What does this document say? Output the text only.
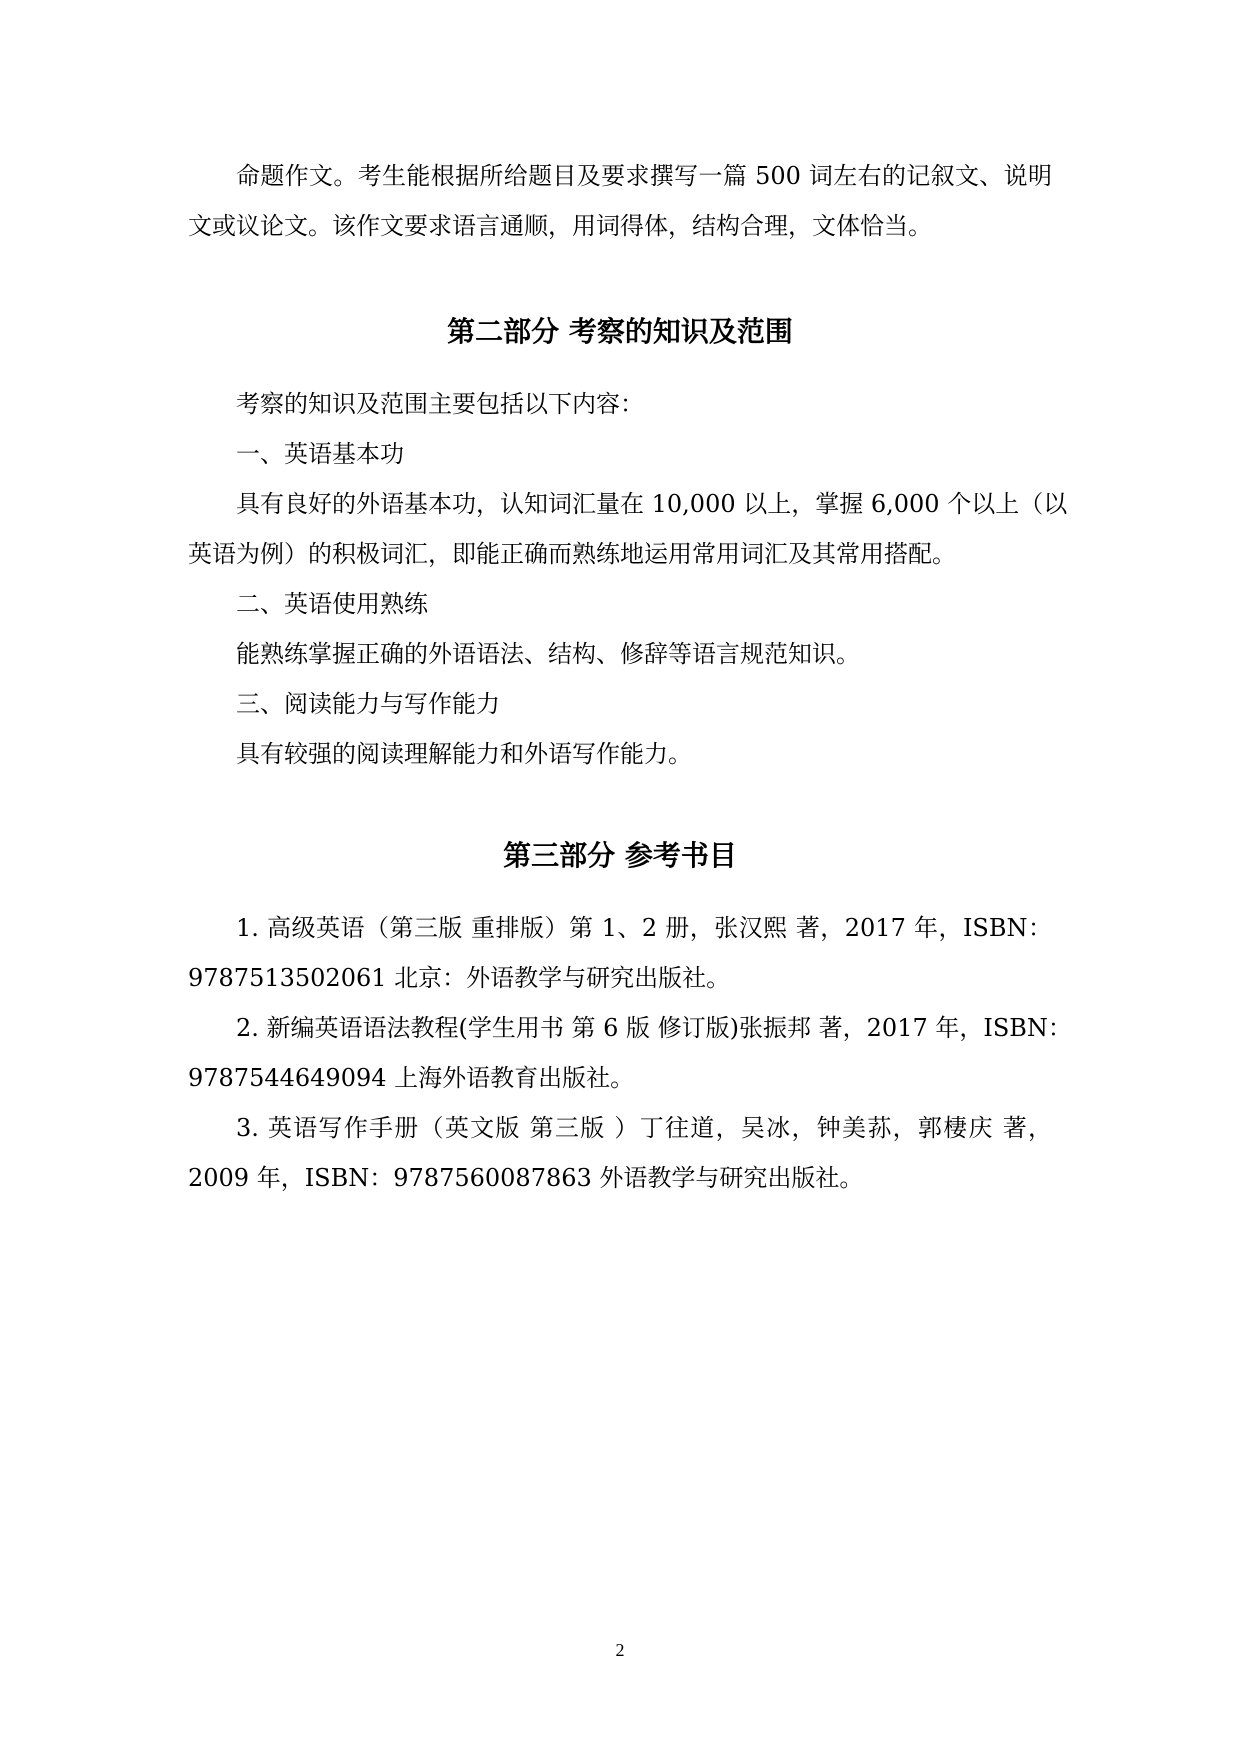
命题作文。考生能根据所给题目及要求撰写一篇 500 词左右的记叙文、说明
文或议论文。该作文要求语言通顺，用词得体，结构合理，文体恰当。
第二部分 考察的知识及范围
考察的知识及范围主要包括以下内容：
一、英语基本功
具有良好的外语基本功，认知词汇量在 10,000 以上，掌握 6,000 个以上（以
英语为例）的积极词汇，即能正确而熟练地运用常用词汇及其常用搭配。
二、英语使用熟练
能熟练掌握正确的外语语法、结构、修辞等语言规范知识。
三、阅读能力与写作能力
具有较强的阅读理解能力和外语写作能力。
第三部分 参考书目
1. 高级英语（第三版 重排版）第 1、2 册，张汉熙 著，2017 年，ISBN：
9787513502061 北京：外语教学与研究出版社。
2. 新编英语语法教程(学生用书 第 6 版 修订版)张振邦 著，2017 年，ISBN：
9787544649094 上海外语教育出版社。
3. 英语写作手册（英文版 第三版 ）丁往道，吴冰，钟美荪，郭棲庆 著，
2009 年，ISBN：9787560087863 外语教学与研究出版社。
2
